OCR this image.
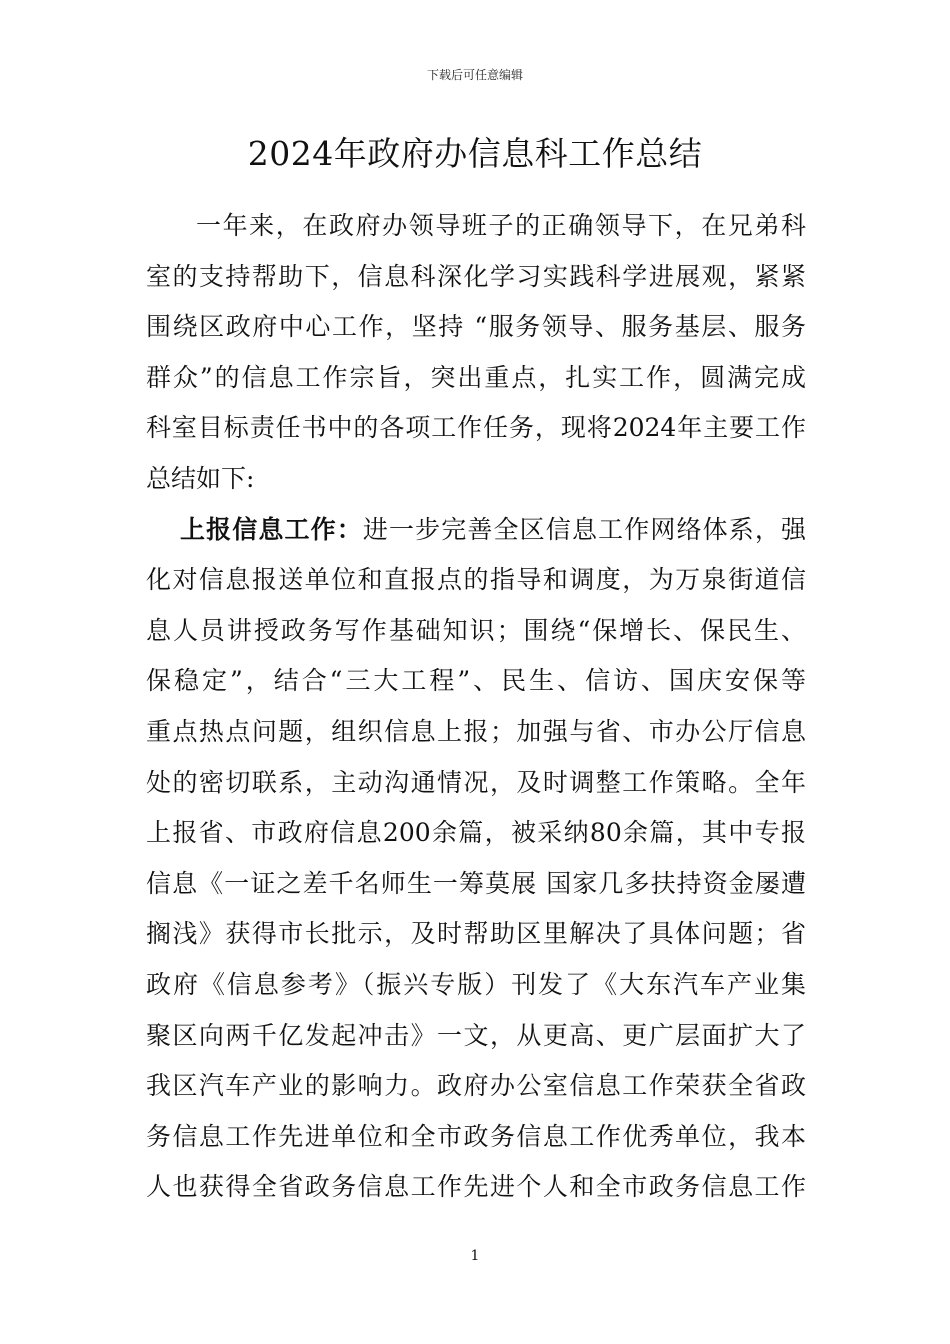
下载后可任意编辑
2024年政府办信息科工作总结
一年来，在政府办领导班子的正确领导下，在兄弟科
室的支持帮助下，信息科深化学习实践科学进展观，紧紧
围绕区政府中心工作，坚持 “服务领导、服务基层、服务
群众”的信息工作宗旨，突出重点，扎实工作，圆满完成
科室目标责任书中的各项工作任务，现将2024年主要工作
总结如下:
上报信息工作：进一步完善全区信息工作网络体系，强
化对信息报送单位和直报点的指导和调度，为万泉街道信
息人员讲授政务写作基础知识；围绕“保增长、保民生、
保稳定”，结合“三大工程”、民生、信访、国庆安保等
重点热点问题，组织信息上报；加强与省、市办公厅信息
处的密切联系，主动沟通情况，及时调整工作策略。全年
上报省、市政府信息200余篇，被采纳80余篇，其中专报
信息《一证之差千名师生一筹莫展 国家几多扶持资金屡遭
搁浅》获得市长批示，及时帮助区里解决了具体问题；省
政府《信息参考》（振兴专版）刊发了《大东汽车产业集
聚区向两千亿发起冲击》一文，从更高、更广层面扩大了
我区汽车产业的影响力。政府办公室信息工作荣获全省政
务信息工作先进单位和全市政务信息工作优秀单位，我本
人也获得全省政务信息工作先进个人和全市政务信息工作
1
